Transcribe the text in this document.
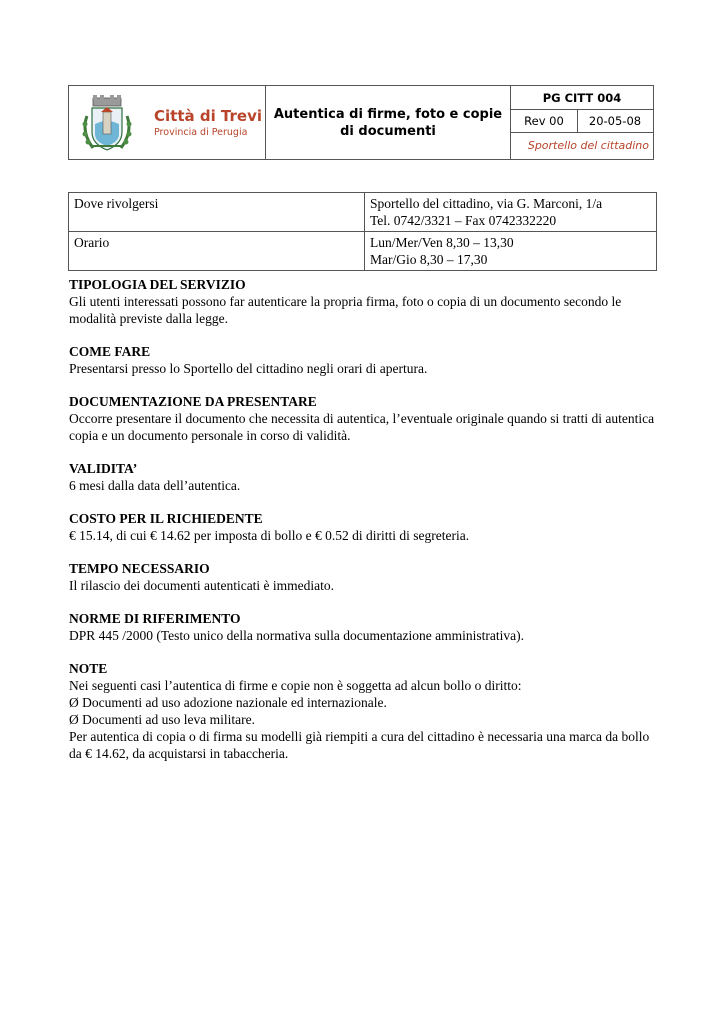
Città di Trevi
Provincia di Perugia
Autentica di firme, foto e copie di documenti
PG CITT 004
Rev 00	20-05-08
Sportello del cittadino
Dove rivolgersi	Sportello del cittadino, via G. Marconi, 1/a
Tel. 0742/3321 – Fax 0742332220

Orario	Lun/Mer/Ven 8,30 – 13,30
Mar/Gio 8,30 – 17,30
TIPOLOGIA DEL SERVIZIO

Gli utenti interessati possono far autenticare la propria firma, foto o copia di un documento secondo le modalità previste dalla legge.

COME FARE

Presentarsi presso lo Sportello del cittadino negli orari di apertura.

DOCUMENTAZIONE DA PRESENTARE

Occorre presentare il documento che necessita di autentica, l’eventuale originale quando si tratti di autentica copia e un documento personale in corso di validità.

VALIDITA’

6 mesi dalla data dell’autentica.

COSTO PER IL RICHIEDENTE

€ 15.14, di cui € 14.62 per imposta di bollo e € 0.52 di diritti di segreteria.

TEMPO NECESSARIO

Il rilascio dei documenti autenticati è immediato.

NORME DI RIFERIMENTO

DPR 445 /2000 (Testo unico della normativa sulla documentazione amministrativa).

NOTE

Nei seguenti casi l’autentica di firme e copie non è soggetta ad alcun bollo o diritto:

Ø Documenti ad uso adozione nazionale ed internazionale.

Ø Documenti ad uso leva militare.

Per autentica di copia o di firma su modelli già riempiti a cura del cittadino è necessaria una marca da bollo da € 14.62, da acquistarsi in tabaccheria.
